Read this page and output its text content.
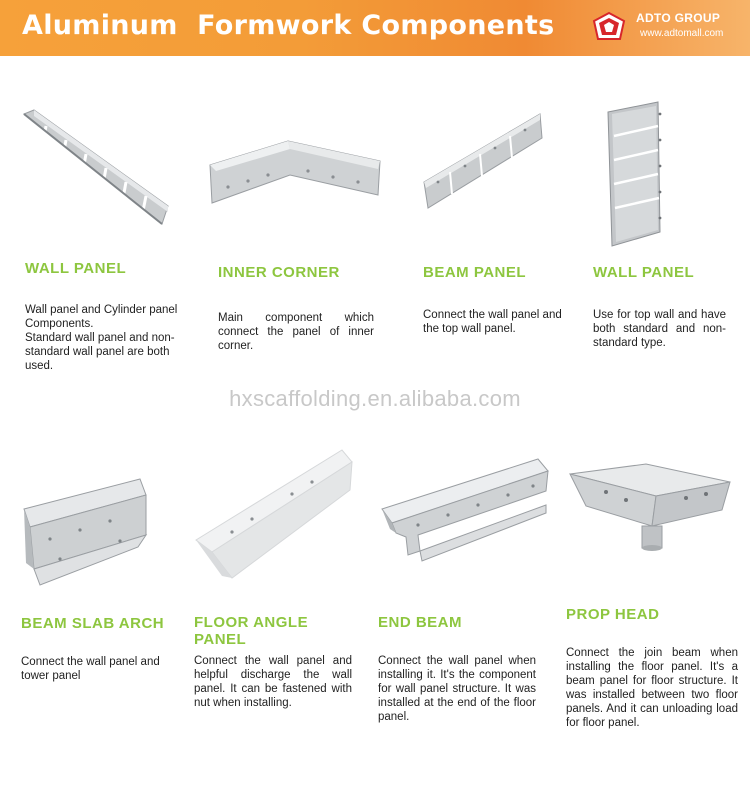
Aluminum  Formwork Components	ADTO GROUP
www.adtomall.com
WALL PANEL
Wall panel and Cylinder panel Components.
Standard wall panel and non-standard wall panel are both used.
INNER CORNER
Main component which connect the panel of inner corner.
BEAM PANEL
Connect the wall panel and the top wall panel.
WALL PANEL
Use for top wall and have both standard and non-standard type.
hxscaffolding.en.alibaba.com
BEAM SLAB ARCH
Connect the wall panel and tower panel
FLOOR ANGLE PANEL
Connect the wall panel and helpful discharge the wall panel. It can be fastened with nut when installing.
END BEAM
Connect the wall panel when installing it. It's the component for wall panel structure. It was installed at the end of the floor panel.
PROP HEAD
Connect the join beam when installing the floor panel. It's a beam panel for floor structure. It was installed between two floor panels. And it can unloading load for floor panel.
